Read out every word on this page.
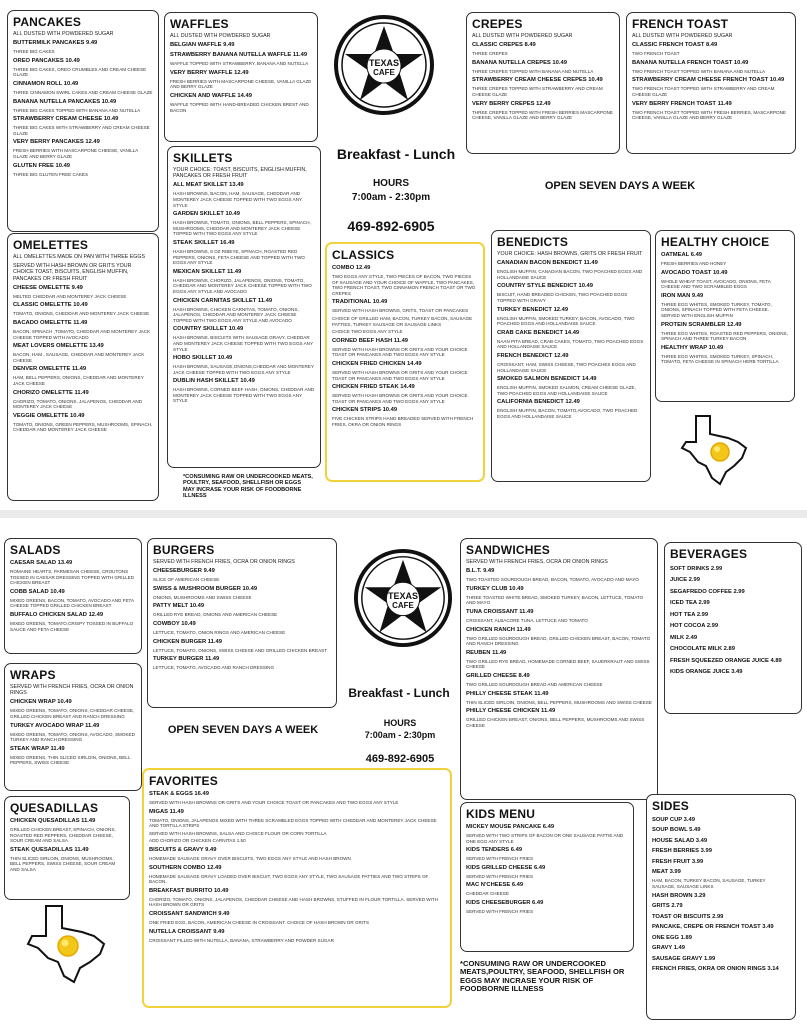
PANCAKES
ALL DUSTED WITH POWDERED SUGAR
BUTTERMILK PANCAKES 9.49
THREE BIG CAKES
OREO PANCAKES 10.49
THREE BIG CAKES, OREO CRUMBLES AND CREAM CHEESE GLAZE
CINNAMON ROLL 10.49
THREE CINNAMON SWIRL CAKES AND CREAM CHEESE GLAZE
BANANA NUTELLA PANCAKES 10.49
THREE BIG CAKES TOPPED WITH BANANA AND NUTELLA
STRAWBERRY CREAM CHEESE 10.49
THREE BIG CAKES WITH STRAWBERRY AND CREAM CHEESE GLAZE
VERY BERRY PANCAKES 12.49
FRESH BERRIES WITH MASCARPONE CHEESE, VANILLA GLAZE AND BERRY GLAZE
GLUTEN FREE 10.49
THREE BIG GLUTEN FREE CAKES
WAFFLES
ALL DUSTED WITH POWDERED SUGAR
BELGIAN WAFFLE 9.49
STRAWBERRY BANANA NUTELLA WAFFLE 11.49
WAFFLE TOPPED WITH STRAWBERRY, BANANA AND NUTELLA
VERY BERRY WAFFLE 12.49
FRESH BERRIES WITH MASCARPONE CHEESE, VANILLA GLAZE AND BERRY GLAZE
CHICKEN AND WAFFLE 14.49
WAFFLE TOPPED WITH HAND-BREADED CHICKEN BREST AND BACON
TEXAS
CAFE
CREPES
ALL DUSTED WITH POWDERED SUGAR
CLASSIC CREPES 8.49
THREE CREPES
BANANA NUTELLA CREPES 10.49
THREE CREPES TOPPED WITH BANANA AND NUTELLA
STRAWBERRY CREAM CHEESE CREPES 10.49
THREE CREPES TOPPED WITH STRAWBERRY AND CREAM CHEESE GLAZE
VERY BERRY CREPES 12.49
THREE CREPES TOPPED WITH FRESH BERRIES MASCARPONE CHEESE, VANILLA GLAZE AND BERRY GLAZE
FRENCH TOAST
ALL DUSTED WITH POWDERED SUGAR
CLASSIC FRENCH TOAST 8.49
TWO FRENCH TOAST
BANANA NUTELLA FRENCH TOAST 10.49
TWO FRENCH TOAST TOPPED WITH BANANA AND NUTELLA
STRAWBERRY CREAM CHEESE FRENCH TOAST 10.49
TWO FRENCH TOAST TOPPED WITH STRAWBERRY AND CREAM CHEESE GLAZE
VERY BERRY FRENCH TOAST 11.49
TWO FRENCH TOAST TOPPED WITH FRESH BERRIES, MASCARPONE CHEESE, VANILLA GLAZE AND BERRY GLAZE
Breakfast - Lunch
HOURS
7:00am - 2:30pm
469-892-6905
OPEN SEVEN DAYS A WEEK
SKILLETS
YOUR CHOICE: TOAST, BISCUITS, ENGLISH MUFFIN, PANCAKES OR FRESH FRUIT
ALL MEAT SKILLET 13.49
HASH BROWNS, BACON, HAM, SAUSAGE, CHEDDAR AND MONTEREY JACK CHEESE TOPPED WITH TWO EGGS ANY STYLE
GARDEN SKILLET 10.49
HASH BROWNS, TOMATO, ONIONS, BELL PEPPERS, SPINACH, MUSHROOMS, CHEDDAR AND MONTEREY JACK CHEESE TOPPED WITH TWO EGGS ANY STYLE
STEAK SKILLET 16.49
HASH BROWNS, 8 OZ RIBEYE, SPINACH, ROASTED RED PEPPERS, ONIONS, FETA CHEESE AND TOPPED WITH TWO EGGS ANY STYLE
MEXICAN SKILLET 11.49
HASH BROWNS, CHORIZO, JALAPENOS, ONIONS, TOMATO, CHEDDAR AND MONTEREY JACK CHEESE TOPPED WITH TWO EGGS ANY STYLE AND AVOCADO
CHICKEN CARNITAS SKILLET 11.49
HASH BROWNS, CHICKEN CARNITAS, TOMATO, ONIONS, JALAPENOS, CHEDDAR AND MONTEREY JACK CHEESE TOPPED WITH TWO EGGS ANY STYLE AND AVOCADO
COUNTRY SKILLET 10.49
HASH BROWNS, BISCUITS WITH SAUSAGE GRAVY, CHEDDAR AND MONTEREY JACK CHEESE TOPPED WITH TWO EGGS ANY STYLE
HOBO SKILLET 10.49
HASH BROWNS, SAUSAGE,ONIONS,CHEDDAR AND MONTEREY JACK CHEESE TOPPED WITH TWO EGGS ANY STYLE
DUBLIN HASH SKILLET 10.49
HASH BROWNS, CORNED BEEF HASH, ONIONS, CHEDDAR AND MONTEREY JACK CHEESE TOPPED WITH TWO EGGS ANY STYLE
OMELETTES
ALL OMELETTES MADE ON PAN WITH THREE EGGS
SERVED WITH HASH BROWN OR GRITS YOUR CHOICE TOAST, BISCUITS, ENGLISH MUFFIN, PANCAKES OR FRESH FRUIT
CHEESE OMELETTE 9.49
MELTED CHEDDAR AND MONTEREY JACK CHEESE
CLASSIC OMELETTE 10.49
TOMATO, ONIONS, CHEDDAR AND MONTEREY JACK CHEESE
BACADO OMELETTE 11.49
BACON, SPINACH ,TOMATO, CHEDDAR AND MONTEREY JACK CHEESE TOPPED WITH AVOCADO
MEAT LOVERS OMELETTE 13.49
BACON, HAM , SAUSAGE, CHEDDAR AND MONTEREY JACK CHEESE
DENVER OMELETTE 11.49
HAM, BELL PEPPERS, ONIONS, CHEDDAR AND MONTEREY JACK CHEESE
CHORIZO OMELETTE 11.49
CHORIZO, TOMATO, ONIONS, JALAPENOS, CHEDDAR AND MONTEREY JACK CHEESE
VEGGIE OMELETTE 10.49
TOMATO, ONIONS, GREEN PEPPERS, MUSHROOMS, SPINACH, CHEDDAR AND MONTEREY JACK CHEESE
CLASSICS
COMBO 12.49
TWO EGGS ANY STYLE, TWO PIECES OF BACON, TWO PIECES OF SAUSAGE AND YOUR CHOICE OF WAFFLE, TWO PANCAKES, TWO FRENCH TOAST, TWO CINNAMON FRENCH TOAST OR TWO CREPES
TRADITIONAL 10.49
SERVED WITH HASH BROWNS, GRITS, TOAST OR PANCAKES
CHOICE OF GRILLED HAM, BACON, TURKEY BACON, SAUSAGE PATTIES, TURKEY SAUSAGE OR SAUSAGE LINKS
CHOICE TWO EGGS ANY STYLE
CORNED BEEF HASH 11.49
SERVED WITH HASH BROWNS OR GRITS AND YOUR CHOICE TOAST OR PANCAKES AND TWO EGGS ANY STYLE
CHICKEN FRIED CHICKEN 14.49
SERVED WITH HASH BROWNS OR GRITS AND YOUR CHOICE TOAST OR PANCAKES AND TWO EGGS ANY STYLE
CHICKEN FRIED STEAK 14.49
SERVED WITH HASH BROWNS OR GRITS AND YOUR CHOICE TOAST OR PANCAKES AND TWO EGGS ANY STYLE
CHICKEN STRIPS 10.49
FIVE CHICKEN STRIPS HAND BREADED SERVED WITH FRENCH FRIES, OKRA OR ONION RINGS
BENEDICTS
YOUR CHOICE: HASH BROWNS, GRITS OR FRESH FRUIT
CANADIAN BACON BENEDICT 11.49
ENGLISH MUFFIN, CANADIAN BACON, TWO POACHED EGGS AND HOLLANDAISE SAUCE
COUNTRY STYLE BENEDICT 10.49
BISCUIT, HAND BREADED CHICKEN, TWO POACHED EGGS TOPPED WITH GRAVY
TURKEY BENEDICT 12.49
ENGLISH MUFFIN, SMOKED TURKEY, BACON, AVOCADO, TWO POACHED EGGS AND HOLLANDAISE SAUCE
CRAB CAKE BENEDICT 14.49
NAAN PITA BREAD, CRAB CAKES, TOMATO, TWO POACHED EGGS AND HOLLANDAISE SAUCE
FRENCH BENEDICT 12.49
CROISSANT, HAM, SWISS CHEESE, TWO POACHES EGGS AND HOLLANDAISE SAUCE
SMOKED SALMON BENEDICT 14.49
ENGLISH MUFFIN, SMOKED SALMON, CREAM CHEESE GLAZE, TWO POACHED EGGS AND HOLLANDAISE SAUCE
CALIFORNIA BENEDICT 12.49
ENGLISH MUFFIN, BACON, TOMATO,AVOCADO, TWO POACHED EGGS AND HOLLANDAISE SAUCE
HEALTHY CHOICE
OATMEAL 6.49
FRESH BERRIES AND HONEY
AVOCADO TOAST 10.49
WHOLE WHEAT TOAST, AVOCADO, ONIONS, FETA CHEESE AND TWO SCRAMBLED EGGS
IRON MAN 9.49
THREE EGG WHITES, SMOKED TURKEY, TOMATO, ONIONS, SPINACH TOPPED WITH FETA CHEESE. SERVED WITH ENGLISH MUFFIN
PROTEIN SCRAMBLER 12.49
THREE EGG WHITES, ROASTED RED PEPPERS, ONIONS, SPINACH AND THREE TURKEY BACON
HEALTHY WRAP 10.49
THREE EGG WHITES, SMOKED TURKEY, SPINACH, TOMATO, FETA CHEESE IN SPINACH HERB TORTILLA
*CONSUMING RAW OR UNDERCOOKED MEATS, POULTRY, SEAFOOD, SHELLFISH OR EGGS MAY INCRASE YOUR RISK OF FOODBORNE ILLNESS
SALADS
CAESAR SALAD 13.49
ROMAINE HEARTS, PARMESAN CHEESE, CROUTONS TOSSED IN CAESAR DRESSING TOPPED WITH GRILLED CHICKEN BREAST
COBB SALAD 10.49
MIXED GREENS, BACON, TOMATO, AVOCADO AND FETA CHEESE TOPPED GRILLED CHICKEN BREAST
BUFFALO CHICKEN SALAD 12.49
MIXED GREENS, TOMATO,CRISPY TOSSED IN BUFFALO SAUCE AND FETA CHEESE
WRAPS
SERVED WITH FRENCH FRIES, OCRA OR ONION RINGS
CHICKEN WRAP 10.49
MIXED GREENS, TOMATO, ONIONS, CHEDDAR CHEESE, GRILLED CHICKEN BREAST AND RANCH DRESSING
TURKEY AVOCADO WRAP 11.49
MIXED GREENS, TOMATO, ONIONS, AVOCADO, SMOKED TURKEY AND RANCH DRESSING
STEAK WRAP 11.49
MIXED GREENS, THIN SLICED SIRLOIN, ONIONS, BELL PEPPERS, SWISS CHEESE
QUESADILLAS
CHICKEN QUESADILLAS 11.49
GRILLED CHICKEN BREAST, SPINACH, ONIONS, ROASTED RED PEPPERS, CHEDDAR CHEESE, SOUR CREAM AND SALSA
STEAK QUESADILLAS 11.49
THIN SLICED SIRLOIN, ONIONS, MUSHROOMS, BELL PEPPERS, SWISS CHEESE, SOUR CREAM AND SALSA
BURGERS
SERVED WITH FRENCH FRIES, OCRA OR ONION RINGS
CHEESEBURGER 9.49
SLICE OF AMERICAN CHEESE
SWISS & MUSHROOM BURGER 10.49
ONIONS, MUSHROOMS AND SWISS CHEESE
PATTY MELT 10.49
GRILLED RYE BREAD, ONIONS AND AMERICAN CHEESE
COWBOY 10.49
LETTUCE, TOMATO, ONION RINGS AND AMERICAN CHEESE
CHICKEN BURGER 11.49
LETTUCE, TOMATO, ONIONS, SWISS CHEESE AND GRILLED CHICKEN BREAST
TURKEY BURGER 11.49
LETTUCE, TOMATO, AVOCADO AND RANCH DRESSING
TEXAS
CAFE
Breakfast - Lunch
OPEN SEVEN DAYS A WEEK
HOURS
7:00am - 2:30pm
469-892-6905
FAVORITES
STEAK & EGGS 16.49
SERVED WITH HASH BROWNS OR GRITS AND YOUR CHOICE TOAST OR PANCAKES AND TWO EGGS ANY STYLE
MIGAS 11.49
TOMATO, ONIONS, JALAPENOS MIXED WITH THREE SCRAMBLED EGGS TOPPED WITH CHEDDAR AND MONTEREY JACK CHEESE AND TORTILLA STRIPS
SERVED WITH HASH BROWNS, SALSA AND CHOICE FLOUR OR CORN TORTILLA
ADD CHORIZO OR CHICKEN CARNITAS 1.50
BISCUITS & GRAVY 9.49
HOMEMADE SAUSAGE GRAVY OVER BISCUITS, TWO EGGS ANY STYLE AND HASH BROWN
SOUTHERN COMBO 12.49
HOMEMADE SAUSAGE GRAVY LOADED OVER BISCUIT, TWO EGGS ANY STYLE, TWO SAUSAGE PATTIES AND TWO STRIPS OF BACON.
BREAKFAST BURRITO 10.49
CHORIZO, TOMATO, ONIONS, JALAPENOS, CHEDDAR CHEESE AND HASH BROWNS, STUFFED IN FLOUR TORTILLA. SERVED WITH HASH BROWN OR GRITS
CROISSANT SANDWICH 9.49
ONE FRIED EGG, BACON, AMERICAN CHEESE IN CROISSANT. CHOICE OF HASH BROWN OR GRITS
NUTELLA CROISSANT 9.49
CROISSANT FILLED WITH NUTELLA, BANANA, STRAWBERRY AND POWDER SUGAR
SANDWICHES
SERVED WITH FRENCH FRIES, OCRA OR ONION RINGS
B.L.T. 9.49
TWO TOASTED SOURDOUGH BREAD, BACON, TOMATO, AVOCADO AND MAYO
TURKEY CLUB 10.49
THREE TOASTED WHITE BREAD, SMOKED TURKEY, BACON, LETTUCE, TOMATO AND MAYO
TUNA CROISSANT 11.49
CROISSANT, ALBACORE TUNA, LETTUCE AND TOMATO
CHICKEN RANCH 11.49
TWO GRILLED SOURDOUGH BREAD, GRILLED CHICKEN BREAST, BACON, TOMATO AND RANCH DRESSING
REUBEN 11.49
TWO GRILLED RYE BREAD, HOMEMADE CORNED BEEF, SAUERKRAUT AND SWISS CHEESE
GRILLED CHEESE 8.49
TWO GRILLED SOURDOUGH BREAD AND AMERICAN CHEESE
PHILLY CHEESE STEAK 11.49
THIN SLICED SIRLOIN, ONIONS, BELL PEPPERS, MUSHROOMS AND SWISS CHEESE
PHILLY CHEESE CHICKEN 11.49
GRILLED CHICKEN BREAST, ONIONS, BELL PEPPERS, MUSHROOMS AND SWISS CHEESE
KIDS MENU
MICKEY MOUSE PANCAKE 6.49
SERVED WITH TWO STRIPS OF BACON OR ONE SAUSAGE PATTIE AND ONE EGG ANY STYLE
KIDS TENDERS 6.49
SERVED WITH FRENCH FRIES
KIDS GRILLED CHEESE 6.49
SERVED WITH FRENCH FRIES
MAC N'CHEESE 6.49
CHEDDAR CHEESE
KIDS CHEESEBURGER 6.49
SERVED WITH FRENCH FRIES
*CONSUMING RAW OR UNDERCOOKED MEATS,POULTRY, SEAFOOD, SHELLFISH OR EGGS MAY INCRASE YOUR RISK OF FOODBORNE ILLNESS
BEVERAGES
SOFT DRINKS 2.99
JUICE 2.99
SEGAFREDO COFFEE 2.99
ICED TEA 2.99
HOT TEA 2.99
HOT COCOA 2.99
MILK 2.49
CHOCOLATE MILK 2.89
FRESH SQUEEZED ORANGE JUICE 4.89
KIDS ORANGE JUICE 3.49
SIDES
SOUP CUP 3.49
SOUP BOWL 5.49
HOUSE SALAD 3.49
FRESH BERRIES 3.99
FRESH FRUIT 3.99
MEAT 3.99
HAM, BACON, TURKEY BACON, SAUSAGE, TURKEY SAUSAGE, SAUSAGE LINKS
HASH BROWN 3.29
GRITS 2.79
TOAST OR BISCUITS 2.99
PANCAKE, CREPE OR FRENCH TOAST 3.49
ONE EGG 1.89
GRAVY 1.49
SAUSAGE GRAVY 1.99
FRENCH FRIES, OKRA OR ONION RINGS 3.14
